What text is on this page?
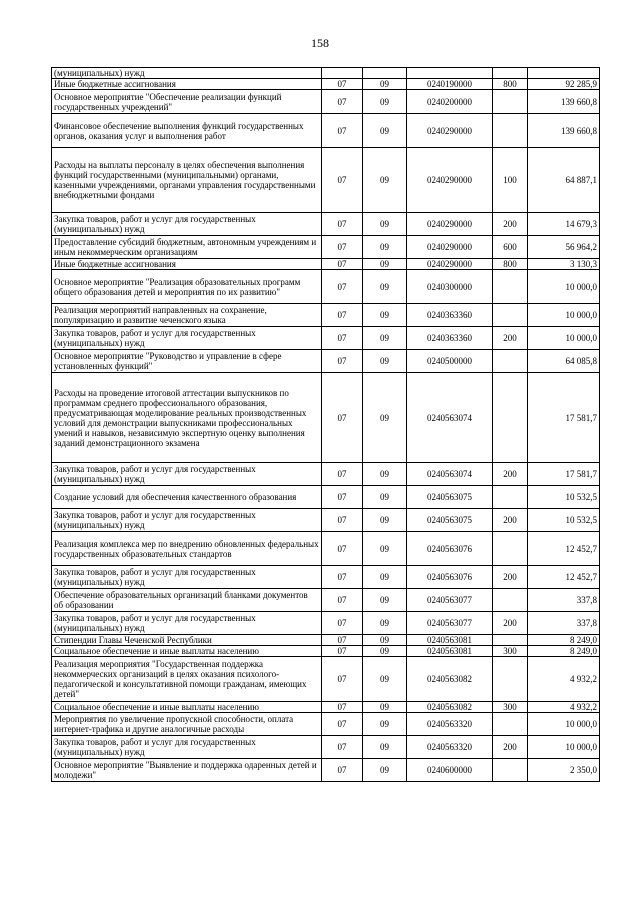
158
(муниципальных) нужд					
Иные бюджетные ассигнования	07	09	0240190000	800	92 285,9
Основное мероприятие "Обеспечение реализации функций государственных учреждений"	07	09	0240200000		139 660,8
Финансовое обеспечение выполнения функций государственных органов, оказания услуг и выполнения работ	07	09	0240290000		139 660,8
Расходы на выплаты персоналу в целях обеспечения выполнения функций государственными (муниципальными) органами, казенными учреждениями, органами управления государственными внебюджетными фондами	07	09	0240290000	100	64 887,1
Закупка товаров, работ и услуг для государственных (муниципальных) нужд	07	09	0240290000	200	14 679,3
Предоставление субсидий бюджетным, автономным учреждениям и иным некоммерческим организациям	07	09	0240290000	600	56 964,2
Иные бюджетные ассигнования	07	09	0240290000	800	3 130,3
Основное мероприятие "Реализация образовательных программ общего образования детей и мероприятия по их развитию"	07	09	0240300000		10 000,0
Реализация мероприятий направленных на сохранение, популяризацию и развитие чеченского языка	07	09	0240363360		10 000,0
Закупка товаров, работ и услуг для государственных (муниципальных) нужд	07	09	0240363360	200	10 000,0
Основное мероприятие "Руководство и управление в сфере установленных функций"	07	09	0240500000		64 085,8
Расходы на проведение итоговой аттестации выпускников по программам среднего профессионального образования, предусматривающая моделирование реальных производственных условий для демонстрации выпускниками профессиональных умений и навыков, независимую экспертную оценку выполнения заданий демонстрационного экзамена	07	09	0240563074		17 581,7
Закупка товаров, работ и услуг для государственных (муниципальных) нужд	07	09	0240563074	200	17 581,7
Создание условий для обеспечения качественного образования	07	09	0240563075		10 532,5
Закупка товаров, работ и услуг для государственных (муниципальных) нужд	07	09	0240563075	200	10 532,5
Реализация комплекса мер по внедрению обновленных федеральных государственных образовательных стандартов	07	09	0240563076		12 452,7
Закупка товаров, работ и услуг для государственных (муниципальных) нужд	07	09	0240563076	200	12 452,7
Обеспечение образовательных организаций бланками документов об образовании	07	09	0240563077		337,8
Закупка товаров, работ и услуг для государственных (муниципальных) нужд	07	09	0240563077	200	337,8
Стипендии Главы Чеченской Республики	07	09	0240563081		8 249,0
Социальное обеспечение и иные выплаты населению	07	09	0240563081	300	8 249,0
Реализация мероприятия "Государственная поддержка некоммерческих организаций в целях оказания психолого-педагогической и консультативной помощи гражданам, имеющих детей"	07	09	0240563082		4 932,2
Социальное обеспечение и иные выплаты населению	07	09	0240563082	300	4 932,2
Мероприятия по увеличение пропускной способности, оплата интернет-трафика и другие аналогичные расходы	07	09	0240563320		10 000,0
Закупка товаров, работ и услуг для государственных (муниципальных) нужд	07	09	0240563320	200	10 000,0
Основное мероприятие "Выявление и поддержка одаренных детей и молодежи"	07	09	0240600000		2 350,0
